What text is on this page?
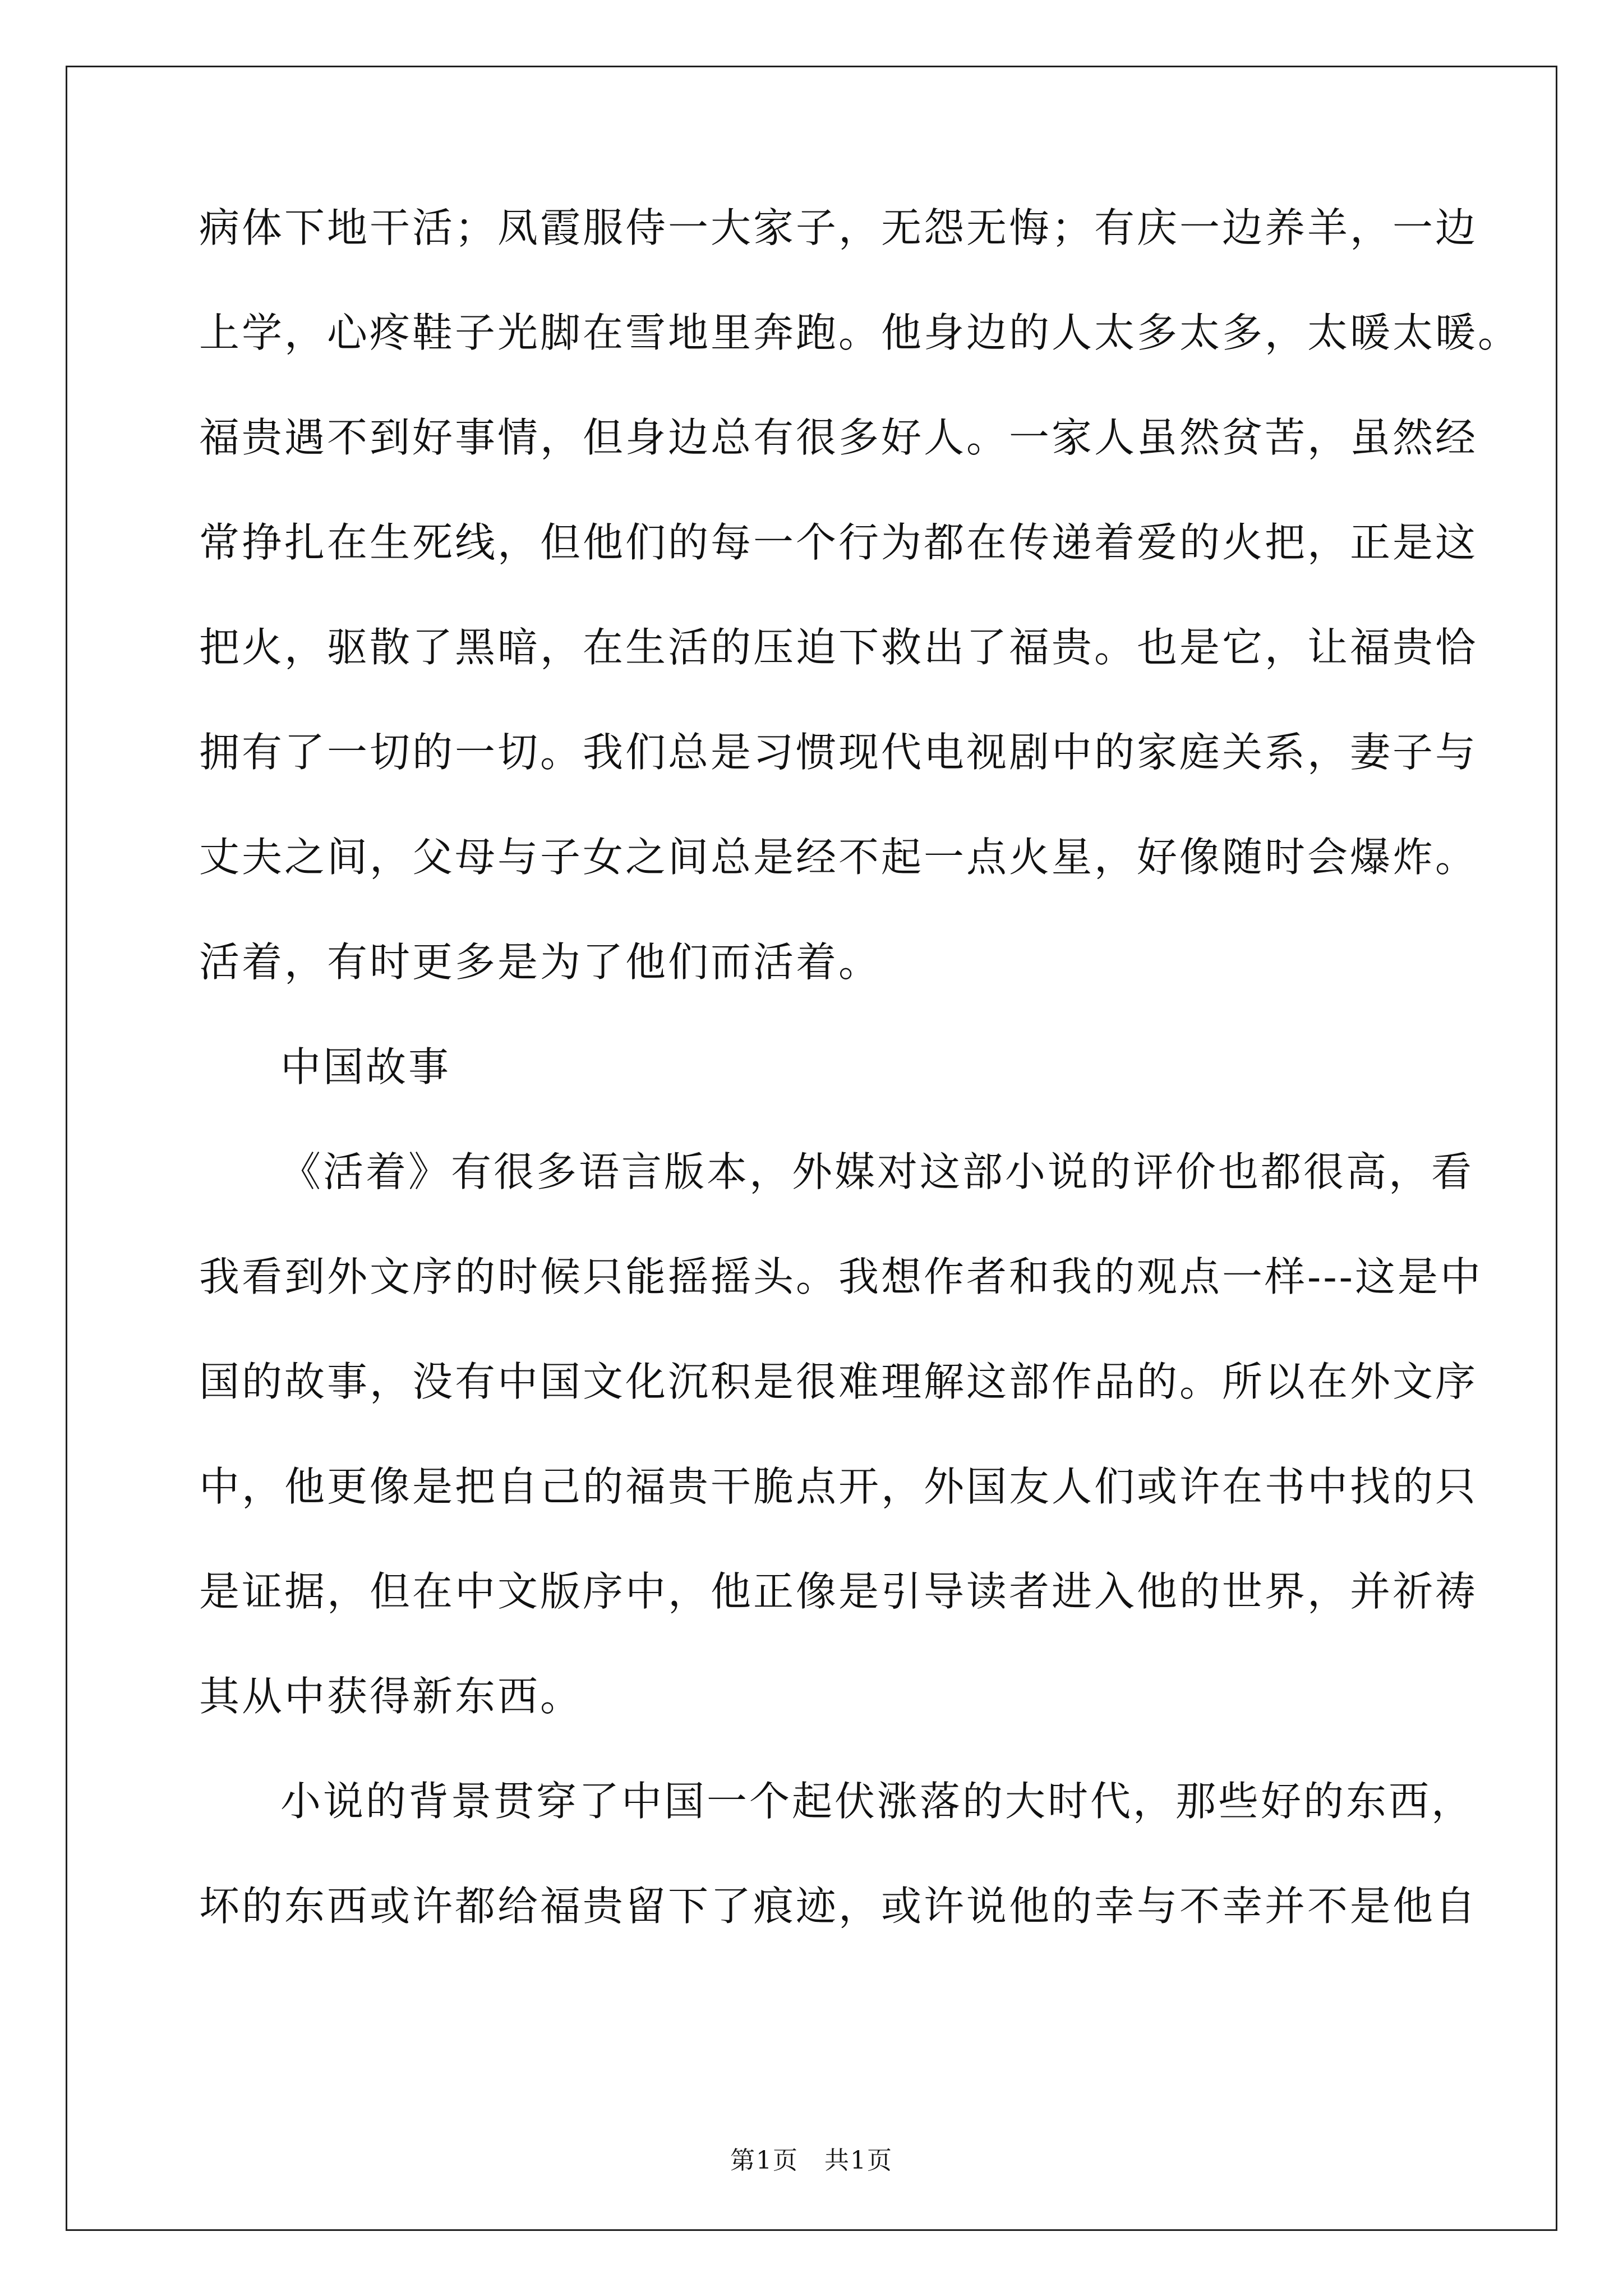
病体下地干活；凤霞服侍一大家子，无怨无悔；有庆一边养羊，一边
上学，心疼鞋子光脚在雪地里奔跑。他身边的人太多太多，太暖太暖。
福贵遇不到好事情，但身边总有很多好人。一家人虽然贫苦，虽然经
常挣扎在生死线，但他们的每一个行为都在传递着爱的火把，正是这
把火，驱散了黑暗，在生活的压迫下救出了福贵。也是它，让福贵恰
拥有了一切的一切。我们总是习惯现代电视剧中的家庭关系，妻子与
丈夫之间，父母与子女之间总是经不起一点火星，好像随时会爆炸。
活着，有时更多是为了他们而活着。
中国故事
《活着》有很多语言版本，外媒对这部小说的评价也都很高，看
我看到外文序的时候只能摇摇头。我想作者和我的观点一样---这是中
国的故事，没有中国文化沉积是很难理解这部作品的。所以在外文序
中，他更像是把自己的福贵干脆点开，外国友人们或许在书中找的只
是证据，但在中文版序中，他正像是引导读者进入他的世界，并祈祷
其从中获得新东西。
小说的背景贯穿了中国一个起伏涨落的大时代，那些好的东西，
坏的东西或许都给福贵留下了痕迹，或许说他的幸与不幸并不是他自
第1页　共1页
